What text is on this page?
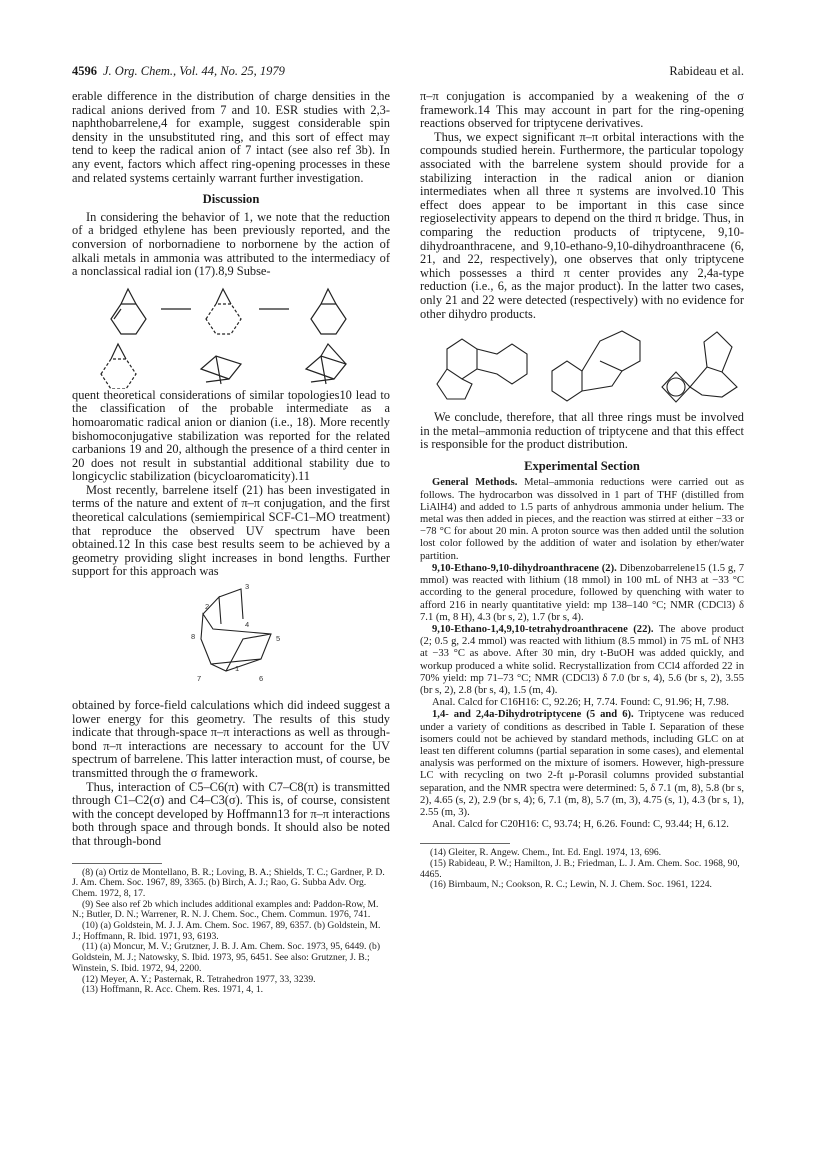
4596 J. Org. Chem., Vol. 44, No. 25, 1979	Rabideau et al.

erable difference in the distribution of charge densities in the radical anions derived from 7 and 10. ESR studies with 2,3-naphthobarrelene,4 for example, suggest considerable spin density in the unsubstituted ring, and this sort of effect may tend to keep the radical anion of 7 intact (see also ref 3b). In any event, factors which affect ring-opening processes in these and related systems certainly warrant further investigation.

Discussion

In considering the behavior of 1, we note that the reduction of a bridged ethylene has been previously reported, and the conversion of norbornadiene to norbornene by the action of alkali metals in ammonia was attributed to the intermediacy of a nonclassical radial ion (17).8,9 Subse-

quent theoretical considerations of similar topologies10 lead to the classification of the probable intermediate as a homoaromatic radical anion or dianion (i.e., 18). More recently bishomoconjugative stabilization was reported for the related carbanions 19 and 20, although the presence of a third center in 20 does not result in substantial additional stability due to longicyclic stabilization (bicycloaromaticity).11

Most recently, barrelene itself (21) has been investigated in terms of the nature and extent of π–π conjugation, and the first theoretical calculations (semiempirical SCF-C1–MO treatment) that reproduce the observed UV spectrum have been obtained.12 In this case best results seem to be achieved by a geometry providing slight increases in bond lengths. Further support for this approach was

2
3
4
5
6
1
7
8

obtained by force-field calculations which did indeed suggest a lower energy for this geometry. The results of this study indicate that through-space π–π interactions as well as through-bond π–π interactions are necessary to account for the UV spectrum of barrelene. This latter interaction must, of course, be transmitted through the σ framework.

Thus, interaction of C5–C6(π) with C7–C8(π) is transmitted through C1–C2(σ) and C4–C3(σ). This is, of course, consistent with the concept developed by Hoffmann13 for π–π interactions both through space and through bonds. It should also be noted that through-bond

(8) (a) Ortiz de Montellano, B. R.; Loving, B. A.; Shields, T. C.; Gardner, P. D. J. Am. Chem. Soc. 1967, 89, 3365. (b) Birch, A. J.; Rao, G. Subba Adv. Org. Chem. 1972, 8, 17.

(9) See also ref 2b which includes additional examples and: Paddon-Row, M. N.; Butler, D. N.; Warrener, R. N. J. Chem. Soc., Chem. Commun. 1976, 741.

(10) (a) Goldstein, M. J. J. Am. Chem. Soc. 1967, 89, 6357. (b) Goldstein, M. J.; Hoffmann, R. Ibid. 1971, 93, 6193.

(11) (a) Moncur, M. V.; Grutzner, J. B. J. Am. Chem. Soc. 1973, 95, 6449. (b) Goldstein, M. J.; Natowsky, S. Ibid. 1973, 95, 6451. See also: Grutzner, J. B.; Winstein, S. Ibid. 1972, 94, 2200.

(12) Meyer, A. Y.; Pasternak, R. Tetrahedron 1977, 33, 3239.

(13) Hoffmann, R. Acc. Chem. Res. 1971, 4, 1.

π–π conjugation is accompanied by a weakening of the σ framework.14 This may account in part for the ring-opening reactions observed for triptycene derivatives.

Thus, we expect significant π–π orbital interactions with the compounds studied herein. Furthermore, the particular topology associated with the barrelene system should provide for a stabilizing interaction in the radical anion or dianion intermediates when all three π systems are involved.10 This effect does appear to be important in this case since regioselectivity appears to depend on the third π bridge. Thus, in comparing the reduction products of triptycene, 9,10-dihydroanthracene, and 9,10-ethano-9,10-dihydroanthracene (6, 21, and 22, respectively), one observes that only triptycene which possesses a third π center provides any 2,4a-type reduction (i.e., 6, as the major product). In the latter two cases, only 21 and 22 were detected (respectively) with no evidence for other dihydro products.

We conclude, therefore, that all three rings must be involved in the metal–ammonia reduction of triptycene and that this effect is responsible for the product distribution.

Experimental Section

General Methods. Metal–ammonia reductions were carried out as follows. The hydrocarbon was dissolved in 1 part of THF (distilled from LiAlH4) and added to 1.5 parts of anhydrous ammonia under helium. The metal was then added in pieces, and the reaction was stirred at either −33 or −78 °C for about 20 min. A proton source was then added until the solution lost color followed by the addition of water and isolation by ether/water partition.

9,10-Ethano-9,10-dihydroanthracene (2). Dibenzobarrelene15 (1.5 g, 7 mmol) was reacted with lithium (18 mmol) in 100 mL of NH3 at −33 °C according to the general procedure, followed by quenching with water to afford 216 in nearly quantitative yield: mp 138–140 °C; NMR (CDCl3) δ 7.1 (m, 8 H), 4.3 (br s, 2), 1.7 (br s, 4).

9,10-Ethano-1,4,9,10-tetrahydroanthracene (22). The above product (2; 0.5 g, 2.4 mmol) was reacted with lithium (8.5 mmol) in 75 mL of NH3 at −33 °C as above. After 30 min, dry t-BuOH was added quickly, and workup produced a white solid. Recrystallization from CCl4 afforded 22 in 70% yield: mp 71–73 °C; NMR (CDCl3) δ 7.0 (br s, 4), 5.6 (br s, 2), 3.55 (br s, 2), 2.8 (br s, 4), 1.5 (m, 4).

Anal. Calcd for C16H16: C, 92.26; H, 7.74. Found: C, 91.96; H, 7.98.

1,4- and 2,4a-Dihydrotriptycene (5 and 6). Triptycene was reduced under a variety of conditions as described in Table I. Separation of these isomers could not be achieved by standard methods, including GLC on at least ten different columns (partial separation in some cases), and elemental analysis was performed on the mixture of isomers. However, high-pressure LC with recycling on two 2-ft μ-Porasil columns provided substantial separation, and the NMR spectra were determined: 5, δ 7.1 (m, 8), 5.8 (br s, 2), 4.65 (s, 2), 2.9 (br s, 4); 6, 7.1 (m, 8), 5.7 (m, 3), 4.75 (s, 1), 4.3 (br s, 1), 2.55 (m, 3).

Anal. Calcd for C20H16: C, 93.74; H, 6.26. Found: C, 93.44; H, 6.12.

(14) Gleiter, R. Angew. Chem., Int. Ed. Engl. 1974, 13, 696.

(15) Rabideau, P. W.; Hamilton, J. B.; Friedman, L. J. Am. Chem. Soc. 1968, 90, 4465.

(16) Birnbaum, N.; Cookson, R. C.; Lewin, N. J. Chem. Soc. 1961, 1224.
